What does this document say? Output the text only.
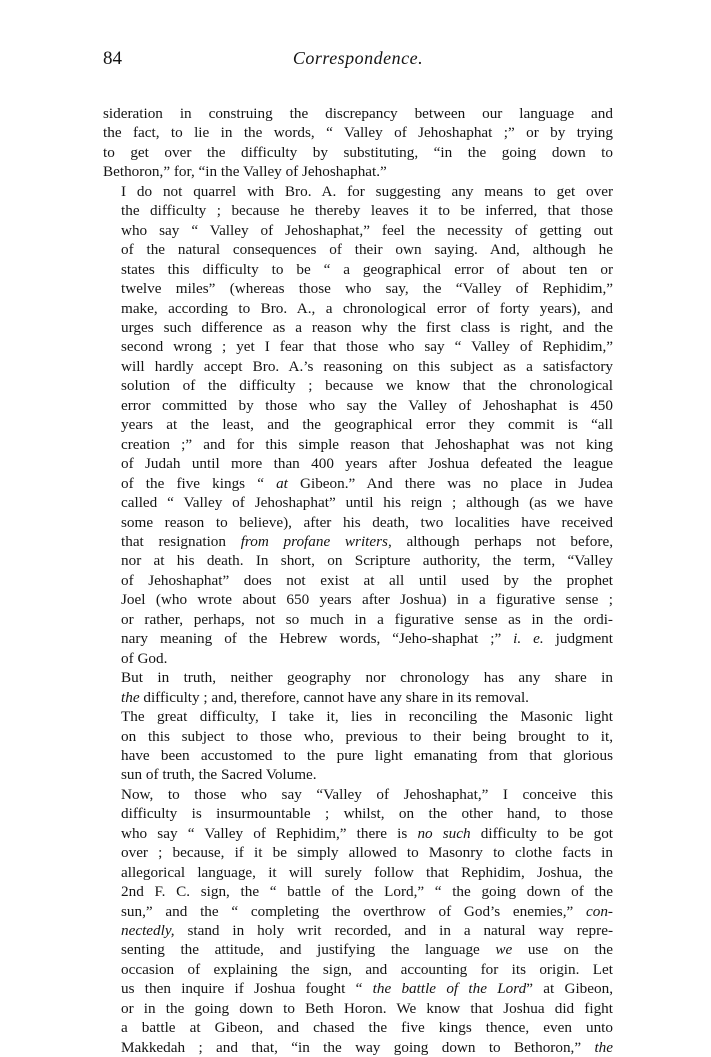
84	Correspondence.

sideration in construing the discrepancy between our language and
the fact, to lie in the words, “ Valley of Jehoshaphat ;” or by trying
to get over the difficulty by substituting, “in the going down to
Bethoron,” for, “in the Valley of Jehoshaphat.”

I do not quarrel with Bro. A. for suggesting any means to get over
the difficulty ; because he thereby leaves it to be inferred, that those
who say “ Valley of Jehoshaphat,” feel the necessity of getting out
of the natural consequences of their own saying. And, although he
states this difficulty to be “ a geographical error of about ten or
twelve miles” (whereas those who say, the “Valley of Rephidim,”
make, according to Bro. A., a chronological error of forty years), and
urges such difference as a reason why the first class is right, and the
second wrong ; yet I fear that those who say “ Valley of Rephidim,”
will hardly accept Bro. A.’s reasoning on this subject as a satisfactory
solution of the difficulty ; because we know that the chronological
error committed by those who say the Valley of Jehoshaphat is 450
years at the least, and the geographical error they commit is “all
creation ;” and for this simple reason that Jehoshaphat was not king
of Judah until more than 400 years after Joshua defeated the league
of the five kings “ at Gibeon.” And there was no place in Judea
called “ Valley of Jehoshaphat” until his reign ; although (as we have
some reason to believe), after his death, two localities have received
that resignation from profane writers, although perhaps not before,
nor at his death. In short, on Scripture authority, the term, “Valley
of Jehoshaphat” does not exist at all until used by the prophet
Joel (who wrote about 650 years after Joshua) in a figurative sense ;
or rather, perhaps, not so much in a figurative sense as in the ordi-
nary meaning of the Hebrew words, “Jeho-shaphat ;” i. e. judgment
of God.

But in truth, neither geography nor chronology has any share in
the difficulty ; and, therefore, cannot have any share in its removal.

The great difficulty, I take it, lies in reconciling the Masonic light
on this subject to those who, previous to their being brought to it,
have been accustomed to the pure light emanating from that glorious
sun of truth, the Sacred Volume.

Now, to those who say “Valley of Jehoshaphat,” I conceive this
difficulty is insurmountable ; whilst, on the other hand, to those
who say “ Valley of Rephidim,” there is no such difficulty to be got
over ; because, if it be simply allowed to Masonry to clothe facts in
allegorical language, it will surely follow that Rephidim, Joshua, the
2nd F. C. sign, the “ battle of the Lord,” “ the going down of the
sun,” and the “ completing the overthrow of God’s enemies,” con-
nectedly, stand in holy writ recorded, and in a natural way repre-
senting the attitude, and justifying the language we use on the
occasion of explaining the sign, and accounting for its origin. Let
us then inquire if Joshua fought “ the battle of the Lord” at Gibeon,
or in the going down to Beth Horon. We know that Joshua did fight
a battle at Gibeon, and chased the five kings thence, even unto
Makkedah ; and that, “in the way going down to Bethoron,” the
